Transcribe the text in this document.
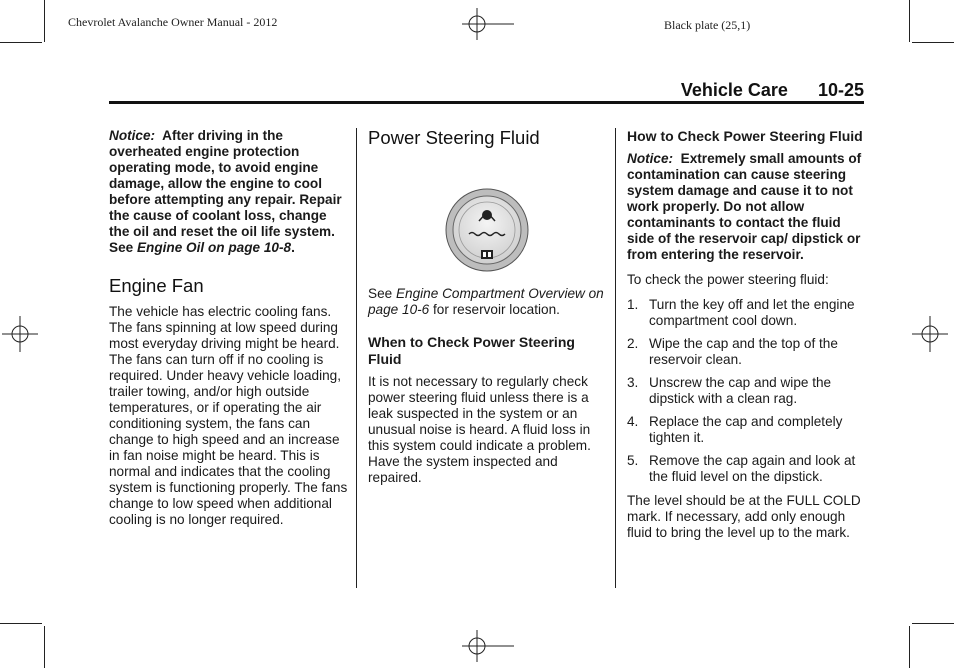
Chevrolet Avalanche Owner Manual - 2012	Black plate (25,1)
Vehicle Care 10-25

Notice: After driving in the overheated engine protection operating mode, to avoid engine damage, allow the engine to cool before attempting any repair. Repair the cause of coolant loss, change the oil and reset the oil life system. See Engine Oil on page 10-8.

Engine Fan

The vehicle has electric cooling fans. The fans spinning at low speed during most everyday driving might be heard. The fans can turn off if no cooling is required. Under heavy vehicle loading, trailer towing, and/or high outside temperatures, or if operating the air conditioning system, the fans can change to high speed and an increase in fan noise might be heard. This is normal and indicates that the cooling system is functioning properly. The fans change to low speed when additional cooling is no longer required.

Power Steering Fluid

See Engine Compartment Overview on page 10-6 for reservoir location.

When to Check Power Steering Fluid

It is not necessary to regularly check power steering fluid unless there is a leak suspected in the system or an unusual noise is heard. A fluid loss in this system could indicate a problem. Have the system inspected and repaired.

How to Check Power Steering Fluid

Notice: Extremely small amounts of contamination can cause steering system damage and cause it to not work properly. Do not allow contaminants to contact the fluid side of the reservoir cap/ dipstick or from entering the reservoir.

To check the power steering fluid:

1. Turn the key off and let the engine compartment cool down.
2. Wipe the cap and the top of the reservoir clean.
3. Unscrew the cap and wipe the dipstick with a clean rag.
4. Replace the cap and completely tighten it.
5. Remove the cap again and look at the fluid level on the dipstick.

The level should be at the FULL COLD mark. If necessary, add only enough fluid to bring the level up to the mark.
